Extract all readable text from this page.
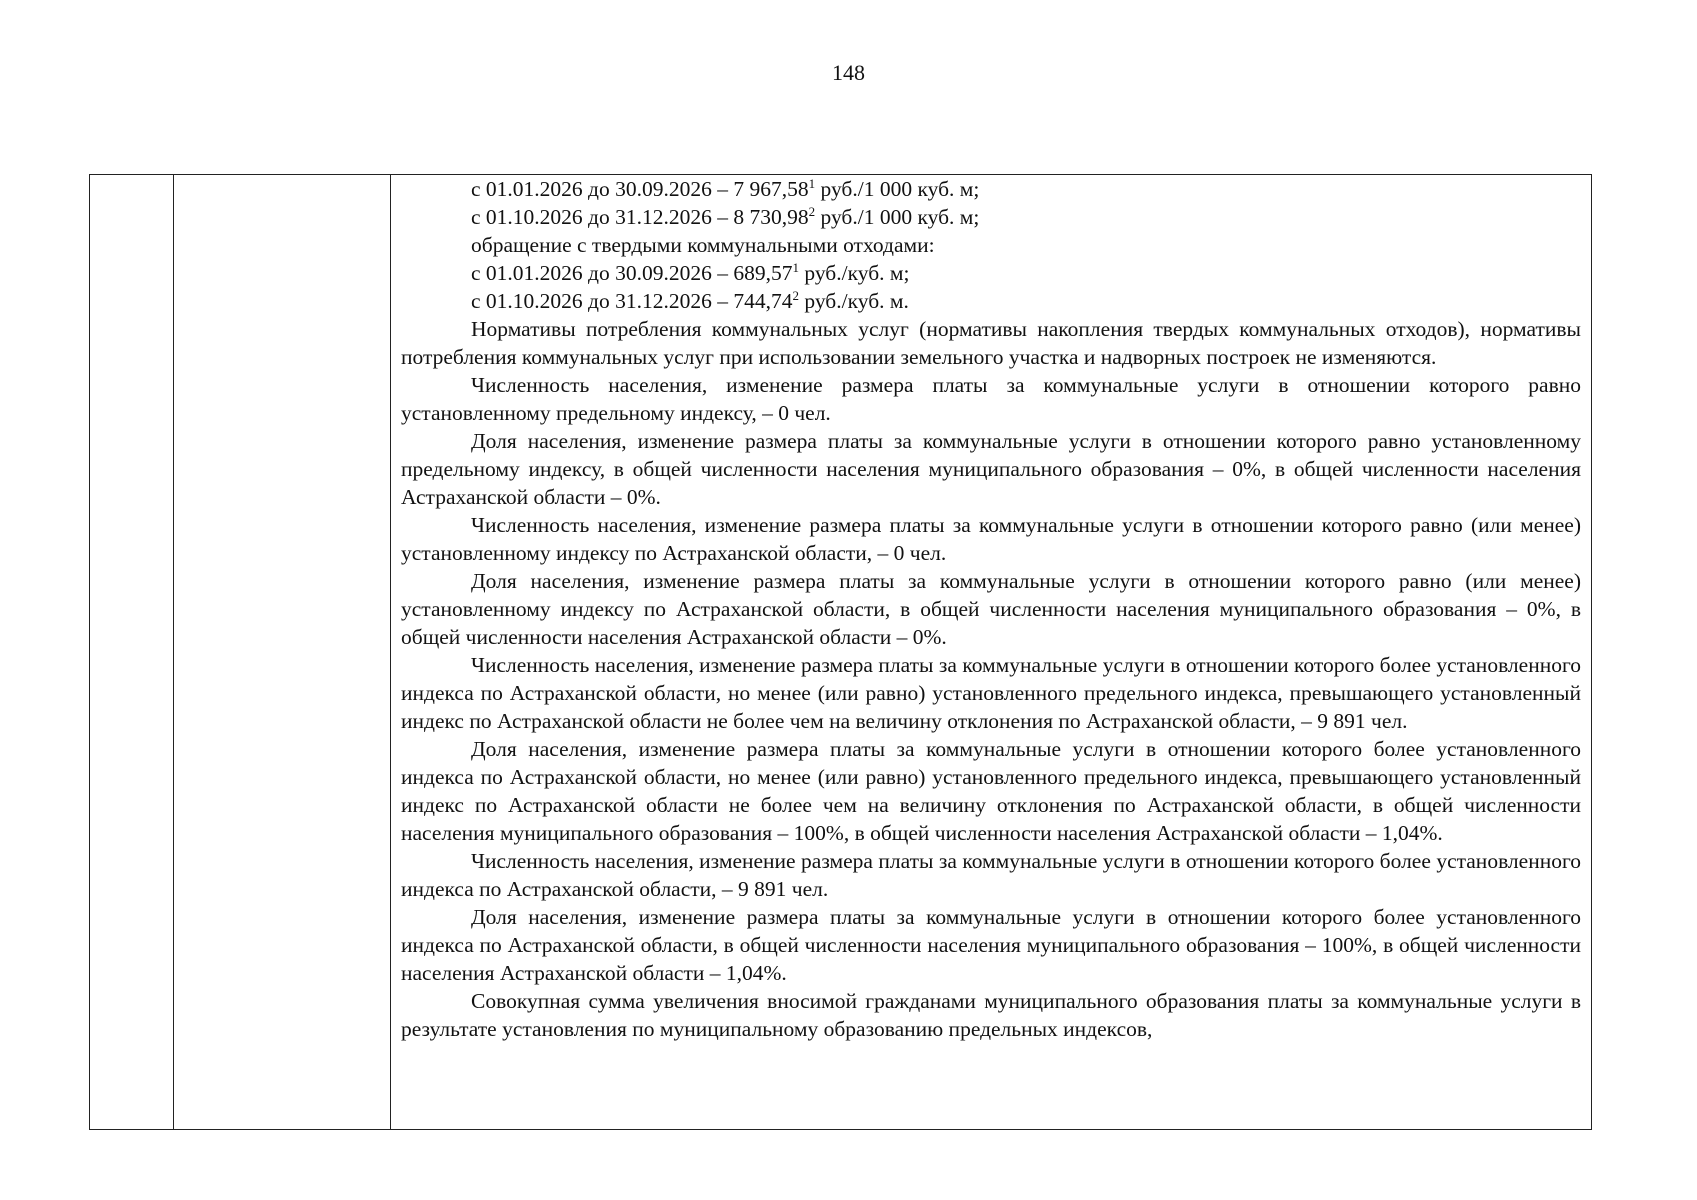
148
с 01.01.2026 до 30.09.2026 – 7 967,58$^1$ руб./1 000 куб. м;
с 01.10.2026 до 31.12.2026 – 8 730,98$^2$ руб./1 000 куб. м;
обращение с твердыми коммунальными отходами:
с 01.01.2026 до 30.09.2026 – 689,57$^1$ руб./куб. м;
с 01.10.2026 до 31.12.2026 – 744,74$^2$ руб./куб. м.

Нормативы потребления коммунальных услуг (нормативы накопления твердых коммунальных отходов), нормативы потребления коммунальных услуг при использовании земельного участка и надворных построек не изменяются.

Численность населения, изменение размера платы за коммунальные услуги в отношении которого равно установленному предельному индексу, – 0 чел.

Доля населения, изменение размера платы за коммунальные услуги в отношении которого равно установленному предельному индексу, в общей численности населения муниципального образования – 0%, в общей численности населения Астраханской области – 0%.

Численность населения, изменение размера платы за коммунальные услуги в отношении которого равно (или менее) установленному индексу по Астраханской области, – 0 чел.

Доля населения, изменение размера платы за коммунальные услуги в отношении которого равно (или менее) установленному индексу по Астраханской области, в общей численности населения муниципального образования – 0%, в общей численности населения Астраханской области – 0%.

Численность населения, изменение размера платы за коммунальные услуги в отношении которого более установленного индекса по Астраханской области, но менее (или равно) установленного предельного индекса, превышающего установленный индекс по Астраханской области не более чем на величину отклонения по Астраханской области, – 9 891 чел.

Доля населения, изменение размера платы за коммунальные услуги в отношении которого более установленного индекса по Астраханской области, но менее (или равно) установленного предельного индекса, превышающего установленный индекс по Астраханской области не более чем на величину отклонения по Астраханской области, в общей численности населения муниципального образования – 100%, в общей численности населения Астраханской области – 1,04%.

Численность населения, изменение размера платы за коммунальные услуги в отношении которого более установленного индекса по Астраханской области, – 9 891 чел.

Доля населения, изменение размера платы за коммунальные услуги в отношении которого более установленного индекса по Астраханской области, в общей численности населения муниципального образования – 100%, в общей численности населения Астраханской области – 1,04%.

Совокупная сумма увеличения вносимой гражданами муниципального образования платы за коммунальные услуги в результате установления по муниципальному образованию предельных индексов,
